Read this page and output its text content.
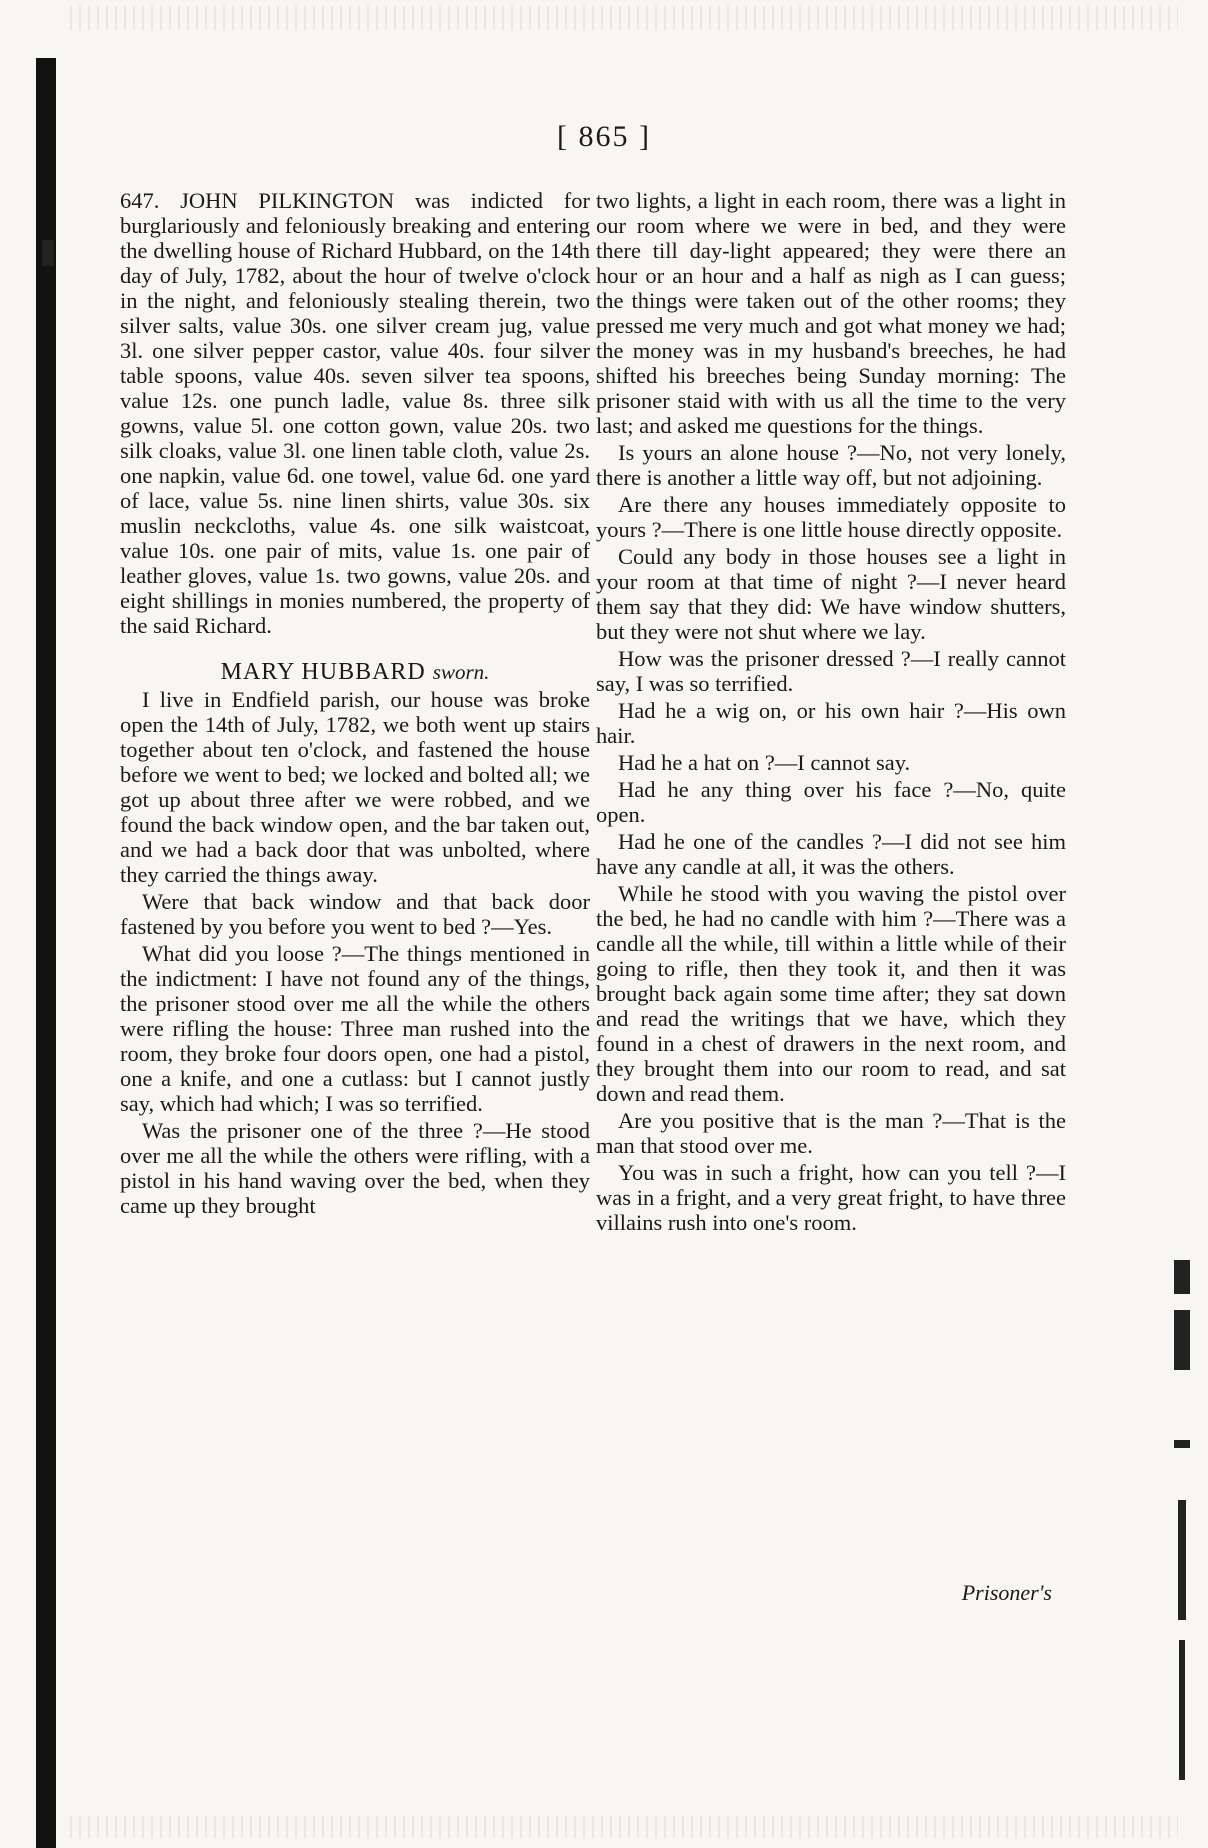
[ 865 ]

647. JOHN PILKINGTON was indicted for burglariously and feloniously breaking and entering the dwelling house of Richard Hubbard, on the 14th day of July, 1782, about the hour of twelve o'clock in the night, and feloniously stealing therein, two silver salts, value 30s. one silver cream jug, value 3l. one silver pepper castor, value 40s. four silver table spoons, value 40s. seven silver tea spoons, value 12s. one punch ladle, value 8s. three silk gowns, value 5l. one cotton gown, value 20s. two silk cloaks, value 3l. one linen table cloth, value 2s. one napkin, value 6d. one towel, value 6d. one yard of lace, value 5s. nine linen shirts, value 30s. six muslin neckcloths, value 4s. one silk waistcoat, value 10s. one pair of mits, value 1s. one pair of leather gloves, value 1s. two gowns, value 20s. and eight shillings in monies numbered, the property of the said Richard.

MARY HUBBARD sworn.

I live in Endfield parish, our house was broke open the 14th of July, 1782, we both went up stairs together about ten o'clock, and fastened the house before we went to bed; we locked and bolted all; we got up about three after we were robbed, and we found the back window open, and the bar taken out, and we had a back door that was unbolted, where they carried the things away.

Were that back window and that back door fastened by you before you went to bed ?—Yes.

What did you loose ?—The things mentioned in the indictment: I have not found any of the things, the prisoner stood over me all the while the others were rifling the house: Three man rushed into the room, they broke four doors open, one had a pistol, one a knife, and one a cutlass: but I cannot justly say, which had which; I was so terrified.

Was the prisoner one of the three ?—He stood over me all the while the others were rifling, with a pistol in his hand waving over the bed, when they came up they brought

two lights, a light in each room, there was a light in our room where we were in bed, and they were there till day-light appeared; they were there an hour or an hour and a half as nigh as I can guess; the things were taken out of the other rooms; they pressed me very much and got what money we had; the money was in my husband's breeches, he had shifted his breeches being Sunday morning: The prisoner staid with with us all the time to the very last; and asked me questions for the things.

Is yours an alone house ?—No, not very lonely, there is another a little way off, but not adjoining.

Are there any houses immediately opposite to yours ?—There is one little house directly opposite.

Could any body in those houses see a light in your room at that time of night ?—I never heard them say that they did: We have window shutters, but they were not shut where we lay.

How was the prisoner dressed ?—I really cannot say, I was so terrified.

Had he a wig on, or his own hair ?—His own hair.

Had he a hat on ?—I cannot say.

Had he any thing over his face ?—No, quite open.

Had he one of the candles ?—I did not see him have any candle at all, it was the others.

While he stood with you waving the pistol over the bed, he had no candle with him ?—There was a candle all the while, till within a little while of their going to rifle, then they took it, and then it was brought back again some time after; they sat down and read the writings that we have, which they found in a chest of drawers in the next room, and they brought them into our room to read, and sat down and read them.

Are you positive that is the man ?—That is the man that stood over me.

You was in such a fright, how can you tell ?—I was in a fright, and a very great fright, to have three villains rush into one's room.

Prisoner's
